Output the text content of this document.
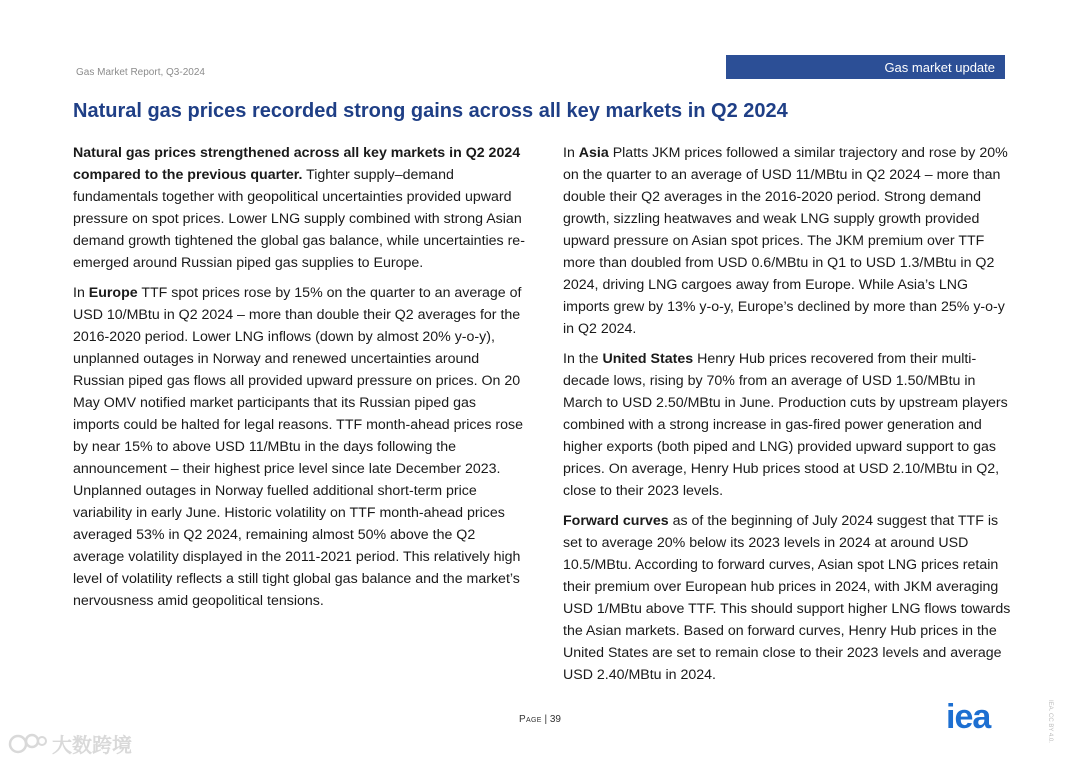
Gas Market Report, Q3-2024	Gas market update
Natural gas prices recorded strong gains across all key markets in Q2 2024

Natural gas prices strengthened across all key markets in Q2 2024 compared to the previous quarter. Tighter supply–demand fundamentals together with geopolitical uncertainties provided upward pressure on spot prices. Lower LNG supply combined with strong Asian demand growth tightened the global gas balance, while uncertainties re-emerged around Russian piped gas supplies to Europe.

In Europe TTF spot prices rose by 15% on the quarter to an average of USD 10/MBtu in Q2 2024 – more than double their Q2 averages for the 2016-2020 period. Lower LNG inflows (down by almost 20% y-o-y), unplanned outages in Norway and renewed uncertainties around Russian piped gas flows all provided upward pressure on prices. On 20 May OMV notified market participants that its Russian piped gas imports could be halted for legal reasons. TTF month-ahead prices rose by near 15% to above USD 11/MBtu in the days following the announcement – their highest price level since late December 2023. Unplanned outages in Norway fuelled additional short-term price variability in early June. Historic volatility on TTF month-ahead prices averaged 53% in Q2 2024, remaining almost 50% above the Q2 average volatility displayed in the 2011-2021 period. This relatively high level of volatility reflects a still tight global gas balance and the market’s nervousness amid geopolitical tensions.

In Asia Platts JKM prices followed a similar trajectory and rose by 20% on the quarter to an average of USD 11/MBtu in Q2 2024 – more than double their Q2 averages in the 2016-2020 period. Strong demand growth, sizzling heatwaves and weak LNG supply growth provided upward pressure on Asian spot prices. The JKM premium over TTF more than doubled from USD 0.6/MBtu in Q1 to USD 1.3/MBtu in Q2 2024, driving LNG cargoes away from Europe. While Asia’s LNG imports grew by 13% y-o-y, Europe’s declined by more than 25% y-o-y in Q2 2024.

In the United States Henry Hub prices recovered from their multi-decade lows, rising by 70% from an average of USD 1.50/MBtu in March to USD 2.50/MBtu in June. Production cuts by upstream players combined with a strong increase in gas-fired power generation and higher exports (both piped and LNG) provided upward support to gas prices. On average, Henry Hub prices stood at USD 2.10/MBtu in Q2, close to their 2023 levels.

Forward curves as of the beginning of July 2024 suggest that TTF is set to average 20% below its 2023 levels in 2024 at around USD 10.5/MBtu. According to forward curves, Asian spot LNG prices retain their premium over European hub prices in 2024, with JKM averaging USD 1/MBtu above TTF. This should support higher LNG flows towards the Asian markets. Based on forward curves, Henry Hub prices in the United States are set to remain close to their 2023 levels and average USD 2.40/MBtu in 2024.

Page | 39	iea	IEA. CC BY 4.0.
大数跨境
